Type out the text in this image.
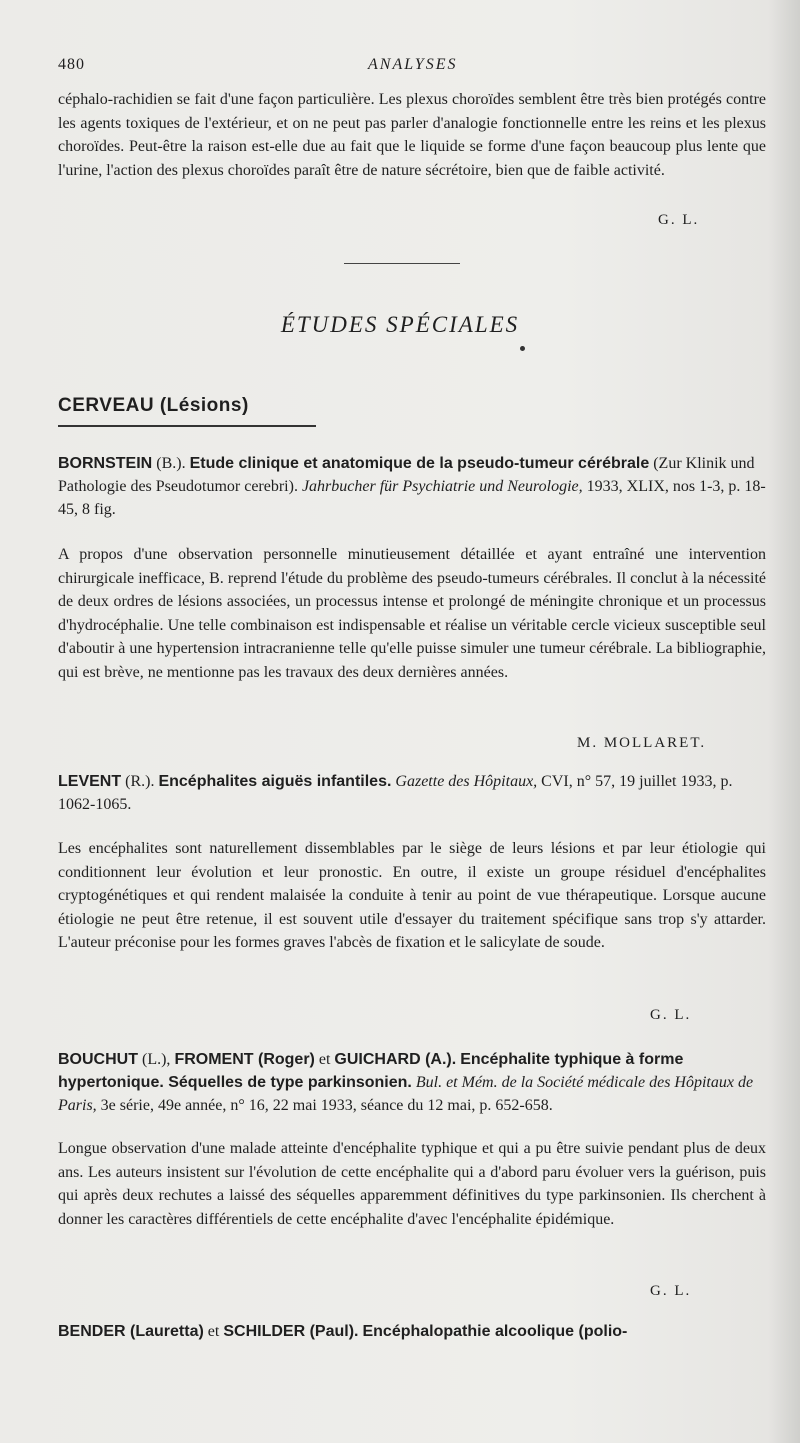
480	ANALYSES

céphalo-rachidien se fait d'une façon particulière. Les plexus choroïdes semblent être très bien protégés contre les agents toxiques de l'extérieur, et on ne peut pas parler d'analogie fonctionnelle entre les reins et les plexus choroïdes. Peut-être la raison est-elle due au fait que le liquide se forme d'une façon beaucoup plus lente que l'urine, l'action des plexus choroïdes paraît être de nature sécrétoire, bien que de faible activité.

G. L.
ÉTUDES SPÉCIALES
CERVEAU (Lésions)
BORNSTEIN (B.). Etude clinique et anatomique de la pseudo-tumeur cérébrale (Zur Klinik und Pathologie des Pseudotumor cerebri). Jahrbucher für Psychiatrie und Neurologie, 1933, XLIX, nos 1-3, p. 18-45, 8 fig.

A propos d'une observation personnelle minutieusement détaillée et ayant entraîné une intervention chirurgicale inefficace, B. reprend l'étude du problème des pseudo-tumeurs cérébrales. Il conclut à la nécessité de deux ordres de lésions associées, un processus intense et prolongé de méningite chronique et un processus d'hydrocéphalie. Une telle combinaison est indispensable et réalise un véritable cercle vicieux susceptible seul d'aboutir à une hypertension intracranienne telle qu'elle puisse simuler une tumeur cérébrale. La bibliographie, qui est brève, ne mentionne pas les travaux des deux dernières années.

M. MOLLARET.
LEVENT (R.). Encéphalites aiguës infantiles. Gazette des Hôpitaux, CVI, n° 57, 19 juillet 1933, p. 1062-1065.

Les encéphalites sont naturellement dissemblables par le siège de leurs lésions et par leur étiologie qui conditionnent leur évolution et leur pronostic. En outre, il existe un groupe résiduel d'encéphalites cryptogénétiques et qui rendent malaisée la conduite à tenir au point de vue thérapeutique. Lorsque aucune étiologie ne peut être retenue, il est souvent utile d'essayer du traitement spécifique sans trop s'y attarder. L'auteur préconise pour les formes graves l'abcès de fixation et le salicylate de soude.

G. L.
BOUCHUT (L.), FROMENT (Roger) et GUICHARD (A.). Encéphalite typhique à forme hypertonique. Séquelles de type parkinsonien. Bul. et Mém. de la Société médicale des Hôpitaux de Paris, 3e série, 49e année, n° 16, 22 mai 1933, séance du 12 mai, p. 652-658.

Longue observation d'une malade atteinte d'encéphalite typhique et qui a pu être suivie pendant plus de deux ans. Les auteurs insistent sur l'évolution de cette encéphalite qui a d'abord paru évoluer vers la guérison, puis qui après deux rechutes a laissé des séquelles apparemment définitives du type parkinsonien. Ils cherchent à donner les caractères différentiels de cette encéphalite d'avec l'encéphalite épidémique.

G. L.
BENDER (Lauretta) et SCHILDER (Paul). Encéphalopathie alcoolique (polio-
